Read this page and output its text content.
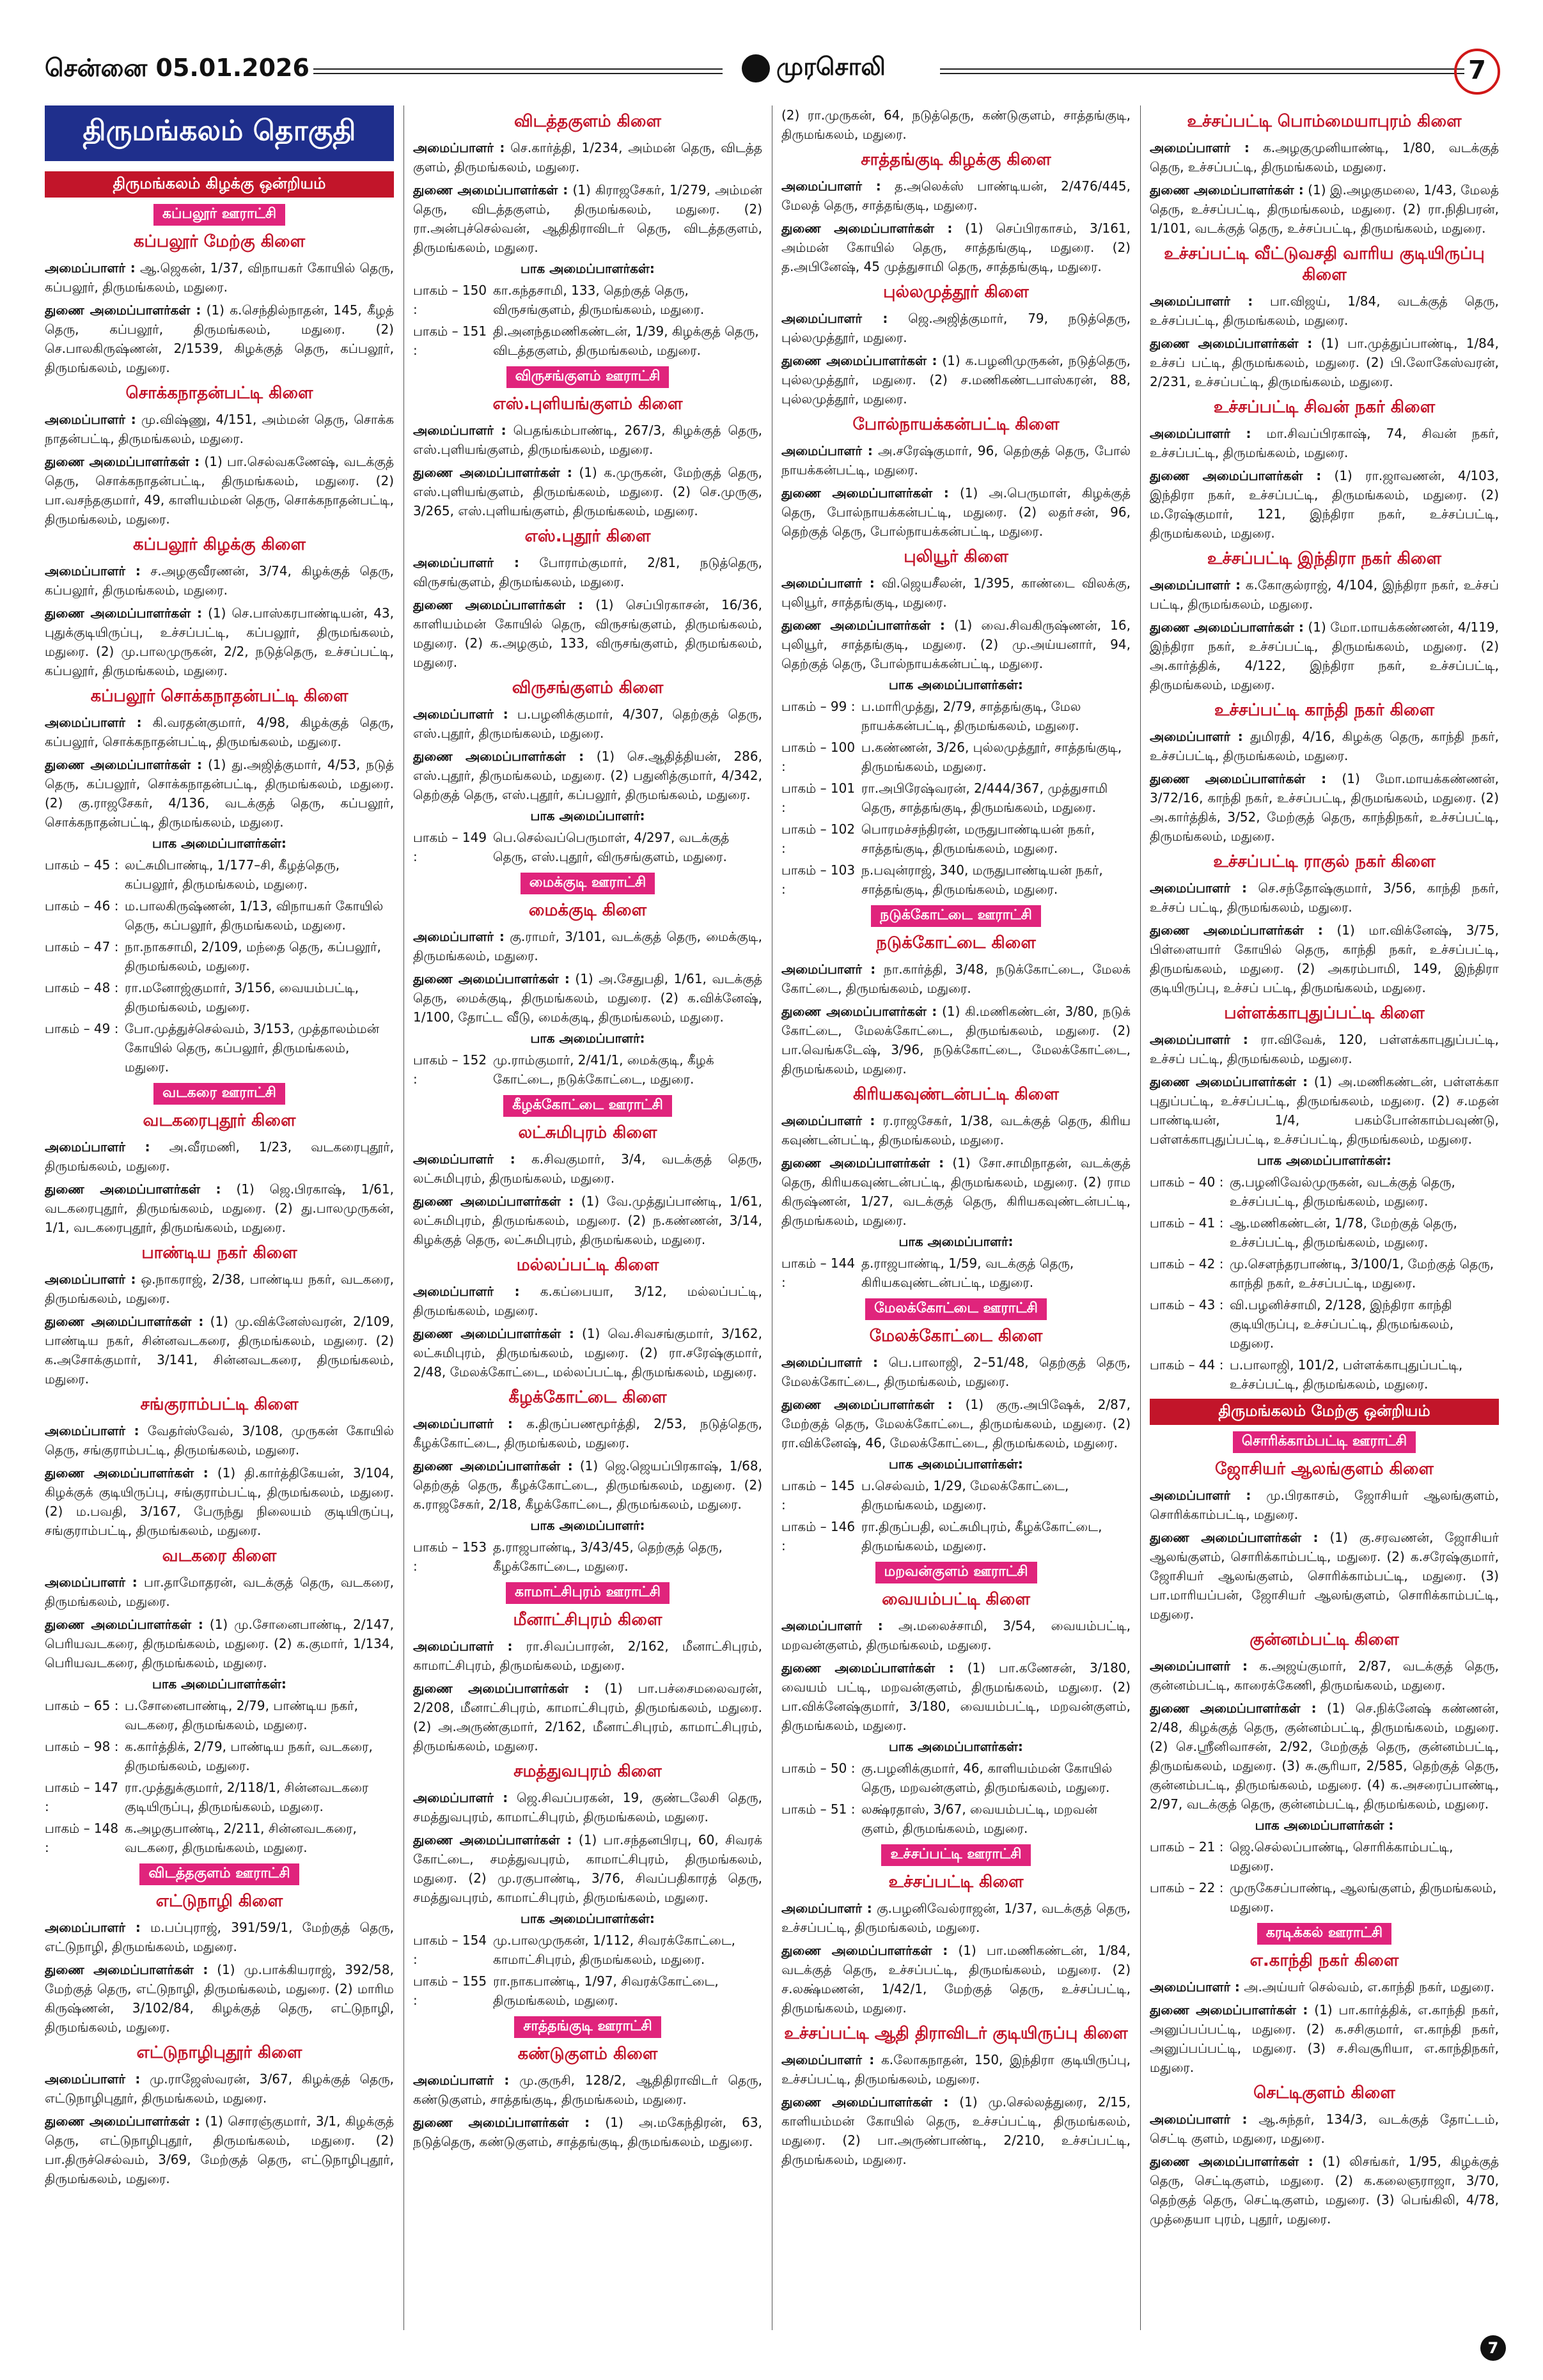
சென்னை 05.01.2026	முரசொலி	7
திருமங்கலம் தொகுதி
திருமங்கலம் கிழக்கு ஒன்றியம்
கப்பலூர் ஊராட்சி
கப்பலூர் மேற்கு கிளை
அமைப்பாளர் : ஆ.ஜெகன், 1/37, விநாயகர் கோயில் தெரு, கப்பலூர், திருமங்கலம், மதுரை.
துணை அமைப்பாளர்கள் : (1) க.செந்தில்நாதன், 145, கீழத் தெரு, கப்பலூர், திருமங்கலம், மதுரை. (2) செ.பாலகிருஷ்ணன், 2/1539, கிழக்குத் தெரு, கப்பலூர், திருமங்கலம், மதுரை.
சொக்கநாதன்பட்டி கிளை
அமைப்பாளர் : மு.விஷ்ணு, 4/151, அம்மன் தெரு, சொக்க நாதன்பட்டி, திருமங்கலம், மதுரை.
துணை அமைப்பாளர்கள் : (1) பா.செல்வகணேஷ், வடக்குத் தெரு, சொக்கநாதன்பட்டி, திருமங்கலம், மதுரை. (2) பா.வசந்தகுமார், 49, காளியம்மன் தெரு, சொக்கநாதன்பட்டி, திருமங்கலம், மதுரை.
கப்பலூர் கிழக்கு கிளை
அமைப்பாளர் : ச.அழகுவீரணன், 3/74, கிழக்குத் தெரு, கப்பலூர், திருமங்கலம், மதுரை.
துணை அமைப்பாளர்கள் : (1) செ.பாஸ்கரபாண்டியன், 43, புதுக்குடியிருப்பு, உச்சப்பட்டி, கப்பலூர், திருமங்கலம், மதுரை. (2) மு.பாலமுருகன், 2/2, நடுத்தெரு, உச்சப்பட்டி, கப்பலூர், திருமங்கலம், மதுரை.
கப்பலூர் சொக்கநாதன்பட்டி கிளை
அமைப்பாளர் : கி.வரதன்குமார், 4/98, கிழக்குத் தெரு, கப்பலூர், சொக்கநாதன்பட்டி, திருமங்கலம், மதுரை.
துணை அமைப்பாளர்கள் : (1) து.அஜித்குமார், 4/53, நடுத் தெரு, கப்பலூர், சொக்கநாதன்பட்டி, திருமங்கலம், மதுரை. (2) கு.ராஜசேகர், 4/136, வடக்குத் தெரு, கப்பலூர், சொக்கநாதன்பட்டி, திருமங்கலம், மதுரை.
பாக அமைப்பாளர்கள்:
பாகம் – 45 : லட்சுமிபாண்டி, 1/177–சி, கீழத்தெரு, கப்பலூர், திருமங்கலம், மதுரை.
பாகம் – 46 : ம.பாலகிருஷ்ணன், 1/13, விநாயகர் கோயில் தெரு, கப்பலூர், திருமங்கலம், மதுரை.
பாகம் – 47 : நா.நாகசாமி, 2/109, மந்தை தெரு, கப்பலூர், திருமங்கலம், மதுரை.
பாகம் – 48 : ரா.மனோஜ்குமார், 3/156, வையம்பட்டி, திருமங்கலம், மதுரை.
பாகம் – 49 : போ.முத்துச்செல்வம், 3/153, முத்தாலம்மன் கோயில் தெரு, கப்பலூர், திருமங்கலம், மதுரை.
வடகரை ஊராட்சி
வடகரைபுதூர் கிளை
அமைப்பாளர் : அ.வீரமணி, 1/23, வடகரைபுதூர், திருமங்கலம், மதுரை.
துணை அமைப்பாளர்கள் : (1) ஜெ.பிரகாஷ், 1/61, வடகரைபுதூர், திருமங்கலம், மதுரை. (2) து.பாலமுருகன், 1/1, வடகரைபுதூர், திருமங்கலம், மதுரை.
பாண்டிய நகர் கிளை
அமைப்பாளர் : ஒ.நாகராஜ், 2/38, பாண்டிய நகர், வடகரை, திருமங்கலம், மதுரை.
துணை அமைப்பாளர்கள் : (1) மு.விக்னேஸ்வரன், 2/109, பாண்டிய நகர், சின்னவடகரை, திருமங்கலம், மதுரை. (2) க.அசோக்குமார், 3/141, சின்னவடகரை, திருமங்கலம், மதுரை.
சங்குராம்பட்டி கிளை
அமைப்பாளர் : வேதர்ஸ்வேல், 3/108, முருகன் கோயில் தெரு, சங்குராம்பட்டி, திருமங்கலம், மதுரை.
துணை அமைப்பாளர்கள் : (1) தி.கார்த்திகேயன், 3/104, கிழக்குக் குடியிருப்பு, சங்குராம்பட்டி, திருமங்கலம், மதுரை. (2) ம.பவதி, 3/167, பேருந்து நிலையம் குடியிருப்பு, சங்குராம்பட்டி, திருமங்கலம், மதுரை.
வடகரை கிளை
அமைப்பாளர் : பா.தாமோதரன், வடக்குத் தெரு, வடகரை, திருமங்கலம், மதுரை.
துணை அமைப்பாளர்கள் : (1) மு.சோனைபாண்டி, 2/147, பெரியவடகரை, திருமங்கலம், மதுரை. (2) க.குமார், 1/134, பெரியவடகரை, திருமங்கலம், மதுரை.
பாக அமைப்பாளர்கள்:
பாகம் – 65 : ப.சோனைபாண்டி, 2/79, பாண்டிய நகர், வடகரை, திருமங்கலம், மதுரை.
பாகம் – 98 : க.கார்த்திக், 2/79, பாண்டிய நகர், வடகரை, திருமங்கலம், மதுரை.
பாகம் – 147 :
ரா.முத்துக்குமார், 2/118/1, சின்னவடகரை குடியிருப்பு, திருமங்கலம், மதுரை.
பாகம் – 148 :
க.அழகுபாண்டி, 2/211, சின்னவடகரை, வடகரை, திருமங்கலம், மதுரை.
விடத்தகுளம் ஊராட்சி
எட்டுநாழி கிளை
அமைப்பாளர் : ம.பப்புராஜ், 391/59/1, மேற்குத் தெரு, எட்டுநாழி, திருமங்கலம், மதுரை.
துணை அமைப்பாளர்கள் : (1) மு.பாக்கியராஜ், 392/58, மேற்குத் தெரு, எட்டுநாழி, திருமங்கலம், மதுரை. (2) மாரிம கிருஷ்ணன், 3/102/84, கிழக்குத் தெரு, எட்டுநாழி, திருமங்கலம், மதுரை.
எட்டுநாழிபுதூர் கிளை
அமைப்பாளர் : மு.ராஜேஸ்வரன், 3/67, கிழக்குத் தெரு, எட்டுநாழிபுதூர், திருமங்கலம், மதுரை.
துணை அமைப்பாளர்கள் : (1) சொரஞ்குமார், 3/1, கிழக்குத் தெரு, எட்டுநாழிபுதூர், திருமங்கலம், மதுரை. (2) பா.திருச்செல்வம், 3/69, மேற்குத் தெரு, எட்டுநாழிபுதூர், திருமங்கலம், மதுரை.
விடத்தகுளம் கிளை
அமைப்பாளர் : செ.கார்த்தி, 1/234, அம்மன் தெரு, விடத்த குளம், திருமங்கலம், மதுரை.
துணை அமைப்பாளர்கள் : (1) கிராஜசேகர், 1/279, அம்மன் தெரு, விடத்தகுளம், திருமங்கலம், மதுரை. (2) ரா.அன்புச்செல்வன், ஆதிதிராவிடர் தெரு, விடத்தகுளம், திருமங்கலம், மதுரை.
பாக அமைப்பாளர்கள்:
பாகம் – 150 :
கா.கந்தசாமி, 133, தெற்குத் தெரு, விருசங்குளம், திருமங்கலம், மதுரை.
பாகம் – 151 :
தி.அனந்தமணிகண்டன், 1/39, கிழக்குத் தெரு, விடத்தகுளம், திருமங்கலம், மதுரை.
விருசங்குளம் ஊராட்சி
எஸ்.புளியங்குளம் கிளை
அமைப்பாளர் : பெதங்கம்பாண்டி, 267/3, கிழக்குத் தெரு, எஸ்.புளியங்குளம், திருமங்கலம், மதுரை.
துணை அமைப்பாளர்கள் : (1) க.முருகன், மேற்குத் தெரு, எஸ்.புளியங்குளம், திருமங்கலம், மதுரை. (2) செ.முருகு, 3/265, எஸ்.புளியங்குளம், திருமங்கலம், மதுரை.
எஸ்.புதூர் கிளை
அமைப்பாளர் : போராம்குமார், 2/81, நடுத்தெரு, விருசங்குளம், திருமங்கலம், மதுரை.
துணை அமைப்பாளர்கள் : (1) செப்பிரகாசன், 16/36, காளியம்மன் கோயில் தெரு, விருசங்குளம், திருமங்கலம், மதுரை. (2) க.அழகும், 133, விருசங்குளம், திருமங்கலம், மதுரை.
விருசங்குளம் கிளை
அமைப்பாளர் : ப.பழனிக்குமார், 4/307, தெற்குத் தெரு, எஸ்.புதூர், திருமங்கலம், மதுரை.
துணை அமைப்பாளர்கள் : (1) செ.ஆதித்தியன், 286, எஸ்.புதூர், திருமங்கலம், மதுரை. (2) பதுனித்குமார், 4/342, தெற்குத் தெரு, எஸ்.புதூர், கப்பலூர், திருமங்கலம், மதுரை.
பாக அமைப்பாளர்:
பாகம் – 149 :
பெ.செல்வப்பெருமாள், 4/297, வடக்குத் தெரு, எஸ்.புதூர், விருசங்குளம், மதுரை.
மைக்குடி ஊராட்சி
மைக்குடி கிளை
அமைப்பாளர் : கு.ராமர், 3/101, வடக்குத் தெரு, மைக்குடி, திருமங்கலம், மதுரை.
துணை அமைப்பாளர்கள் : (1) அ.சேதுபதி, 1/61, வடக்குத் தெரு, மைக்குடி, திருமங்கலம், மதுரை. (2) க.விக்னேஷ், 1/100, தோட்ட வீடு, மைக்குடி, திருமங்கலம், மதுரை.
பாக அமைப்பாளர்:
பாகம் – 152 :
மு.ராம்குமார், 2/41/1, மைக்குடி, கீழக் கோட்டை, நடுக்கோட்டை, மதுரை.
கீழக்கோட்டை ஊராட்சி
லட்சுமிபுரம் கிளை
அமைப்பாளர் : க.சிவகுமார், 3/4, வடக்குத் தெரு, லட்சுமிபுரம், திருமங்கலம், மதுரை.
துணை அமைப்பாளர்கள் : (1) வே.முத்துப்பாண்டி, 1/61, லட்சுமிபுரம், திருமங்கலம், மதுரை. (2) ந.கண்ணன், 3/14, கிழக்குத் தெரு, லட்சுமிபுரம், திருமங்கலம், மதுரை.
மல்லப்பட்டி கிளை
அமைப்பாளர் : க.கப்பையா, 3/12, மல்லப்பட்டி, திருமங்கலம், மதுரை.
துணை அமைப்பாளர்கள் : (1) வெ.சிவசங்குமார், 3/162, லட்சுமிபுரம், திருமங்கலம், மதுரை. (2) ரா.சரேஷ்குமார், 2/48, மேலக்கோட்டை, மல்லப்பட்டி, திருமங்கலம், மதுரை.
கீழக்கோட்டை கிளை
அமைப்பாளர் : க.திருப்பணமூர்த்தி, 2/53, நடுத்தெரு, கீழக்கோட்டை, திருமங்கலம், மதுரை.
துணை அமைப்பாளர்கள் : (1) ஜெ.ஜெயப்பிரகாஷ், 1/68, தெற்குத் தெரு, கீழக்கோட்டை, திருமங்கலம், மதுரை. (2) க.ராஜசேகர், 2/18, கீழக்கோட்டை, திருமங்கலம், மதுரை.
பாக அமைப்பாளர்:
பாகம் – 153 :
த.ராஜபாண்டி, 3/43/45, தெற்குத் தெரு, கீழக்கோட்டை, மதுரை.
காமாட்சிபுரம் ஊராட்சி
மீனாட்சிபுரம் கிளை
அமைப்பாளர் : ரா.சிவப்பாரன், 2/162, மீனாட்சிபுரம், காமாட்சிபுரம், திருமங்கலம், மதுரை.
துணை அமைப்பாளர்கள் : (1) பா.பச்சைமலைவரன், 2/208, மீனாட்சிபுரம், காமாட்சிபுரம், திருமங்கலம், மதுரை. (2) அ.அருண்குமார், 2/162, மீனாட்சிபுரம், காமாட்சிபுரம், திருமங்கலம், மதுரை.
சமத்துவபுரம் கிளை
அமைப்பாளர் : ஜெ.சிவப்பரகன், 19, குண்டலேசி தெரு, சமத்துவபுரம், காமாட்சிபுரம், திருமங்கலம், மதுரை.
துணை அமைப்பாளர்கள் : (1) பா.சந்தனபிரபு, 60, சிவரக் கோட்டை, சமத்துவபுரம், காமாட்சிபுரம், திருமங்கலம், மதுரை. (2) மு.ரகுபாண்டி, 3/76, சிவப்பதிகாரத் தெரு, சமத்துவபுரம், காமாட்சிபுரம், திருமங்கலம், மதுரை.
பாக அமைப்பாளர்கள்:
பாகம் – 154 :
மு.பாலமுருகன், 1/112, சிவரக்கோட்டை, காமாட்சிபுரம், திருமங்கலம், மதுரை.
பாகம் – 155 :
ரா.நாகபாண்டி, 1/97, சிவரக்கோட்டை, திருமங்கலம், மதுரை.
சாத்தங்குடி ஊராட்சி
கண்டுகுளம் கிளை
அமைப்பாளர் : மு.குருசி, 128/2, ஆதிதிராவிடர் தெரு, கண்டுகுளம், சாத்தங்குடி, திருமங்கலம், மதுரை.
துணை அமைப்பாளர்கள் : (1) அ.மகேந்திரன், 63, நடுத்தெரு, கண்டுகுளம், சாத்தங்குடி, திருமங்கலம், மதுரை.
(2) ரா.முருகன், 64, நடுத்தெரு, கண்டுகுளம், சாத்தங்குடி, திருமங்கலம், மதுரை.
சாத்தங்குடி கிழக்கு கிளை
அமைப்பாளர் : த.அலெக்ஸ் பாண்டியன், 2/476/445, மேலத் தெரு, சாத்தங்குடி, மதுரை.
துணை அமைப்பாளர்கள் : (1) செப்பிரகாசம், 3/161, அம்மன் கோயில் தெரு, சாத்தங்குடி, மதுரை. (2) த.அபினேஷ், 45 முத்துசாமி தெரு, சாத்தங்குடி, மதுரை.
புல்லமுத்தூர் கிளை
அமைப்பாளர் : ஜெ.அஜித்குமார், 79, நடுத்தெரு, புல்லமுத்தூர், மதுரை.
துணை அமைப்பாளர்கள் : (1) க.பழனிமுருகன், நடுத்தெரு, புல்லமுத்தூர், மதுரை. (2) ச.மணிகண்டபாஸ்கரன், 88, புல்லமுத்தூர், மதுரை.
போல்நாயக்கன்பட்டி கிளை
அமைப்பாளர் : அ.சரேஷ்குமார், 96, தெற்குத் தெரு, போல் நாயக்கன்பட்டி, மதுரை.
துணை அமைப்பாளர்கள் : (1) அ.பெருமாள், கிழக்குத் தெரு, போல்நாயக்கன்பட்டி, மதுரை. (2) லதா்சன், 96, தெற்குத் தெரு, போல்நாயக்கன்பட்டி, மதுரை.
புலியூர் கிளை
அமைப்பாளர் : வி.ஜெயசீலன், 1/395, காண்டை விலக்கு, புலியூர், சாத்தங்குடி, மதுரை.
துணை அமைப்பாளர்கள் : (1) வை.சிவகிருஷ்ணன், 16, புலியூர், சாத்தங்குடி, மதுரை. (2) மு.அய்யனார், 94, தெற்குத் தெரு, போல்நாயக்கன்பட்டி, மதுரை.
பாக அமைப்பாளர்கள்:
பாகம் – 99 : ப.மாரிமுத்து, 2/79, சாத்தங்குடி, மேல நாயக்கன்பட்டி, திருமங்கலம், மதுரை.
பாகம் – 100 :
ப.கண்ணன், 3/26, புல்லமுத்தூர், சாத்தங்குடி, திருமங்கலம், மதுரை.
பாகம் – 101 :
ரா.அபிரேஷ்வரன், 2/444/367, முத்துசாமி தெரு, சாத்தங்குடி, திருமங்கலம், மதுரை.
பாகம் – 102 :
பொரமச்சந்திரன், மருதுபாண்டியன் நகர், சாத்தங்குடி, திருமங்கலம், மதுரை.
பாகம் – 103 :
ந.பவுன்ராஜ், 340, மருதுபாண்டியன் நகர், சாத்தங்குடி, திருமங்கலம், மதுரை.
நடுக்கோட்டை ஊராட்சி
நடுக்கோட்டை கிளை
அமைப்பாளர் : நா.கார்த்தி, 3/48, நடுக்கோட்டை, மேலக் கோட்டை, திருமங்கலம், மதுரை.
துணை அமைப்பாளர்கள் : (1) கி.மணிகண்டன், 3/80, நடுக் கோட்டை, மேலக்கோட்டை, திருமங்கலம், மதுரை. (2) பா.வெங்கடேஷ், 3/96, நடுக்கோட்டை, மேலக்கோட்டை, திருமங்கலம், மதுரை.
கிரியகவுண்டன்பட்டி கிளை
அமைப்பாளர் : ர.ராஜசேகர், 1/38, வடக்குத் தெரு, கிரிய கவுண்டன்பட்டி, திருமங்கலம், மதுரை.
துணை அமைப்பாளர்கள் : (1) சோ.சாமிநாதன், வடக்குத் தெரு, கிரியகவுண்டன்பட்டி, திருமங்கலம், மதுரை. (2) ராம கிருஷ்ணன், 1/27, வடக்குத் தெரு, கிரியகவுண்டன்பட்டி, திருமங்கலம், மதுரை.
பாக அமைப்பாளர்:
பாகம் – 144 :
த.ராஜபாண்டி, 1/59, வடக்குத் தெரு, கிரியகவுண்டன்பட்டி, மதுரை.
மேலக்கோட்டை ஊராட்சி
மேலக்கோட்டை கிளை
அமைப்பாளர் : பெ.பாலாஜி, 2–51/48, தெற்குத் தெரு, மேலக்கோட்டை, திருமங்கலம், மதுரை.
துணை அமைப்பாளர்கள் : (1) குரு.அபிஷேக், 2/87, மேற்குத் தெரு, மேலக்கோட்டை, திருமங்கலம், மதுரை. (2) ரா.விக்னேஷ், 46, மேலக்கோட்டை, திருமங்கலம், மதுரை.
பாக அமைப்பாளர்கள்:
பாகம் – 145 :
ப.செல்வம், 1/29, மேலக்கோட்டை, திருமங்கலம், மதுரை.
பாகம் – 146 :
ரா.திருப்பதி, லட்சுமிபுரம், கீழக்கோட்டை, திருமங்கலம், மதுரை.
மறவன்குளம் ஊராட்சி
வையம்பட்டி கிளை
அமைப்பாளர் : அ.மலைச்சாமி, 3/54, வையம்பட்டி, மறவன்குளம், திருமங்கலம், மதுரை.
துணை அமைப்பாளர்கள் : (1) பா.கணேசன், 3/180, வையம் பட்டி, மறவன்குளம், திருமங்கலம், மதுரை. (2) பா.விக்னேஷ்குமார், 3/180, வையம்பட்டி, மறவன்குளம், திருமங்கலம், மதுரை.
பாக அமைப்பாளர்கள்:
பாகம் – 50 : கு.பழனிக்குமார், 46, காளியம்மன் கோயில் தெரு, மறவன்குளம், திருமங்கலம், மதுரை.
பாகம் – 51 : லக்ஷ்ரதாஸ், 3/67, வையம்பட்டி, மறவன் குளம், திருமங்கலம், மதுரை.
உச்சப்பட்டி ஊராட்சி
உச்சப்பட்டி கிளை
அமைப்பாளர் : கு.பழனிவேல்ராஜன், 1/37, வடக்குத் தெரு, உச்சப்பட்டி, திருமங்கலம், மதுரை.
துணை அமைப்பாளர்கள் : (1) பா.மணிகண்டன், 1/84, வடக்குத் தெரு, உச்சப்பட்டி, திருமங்கலம், மதுரை. (2) ச.லக்ஷ்மணன், 1/42/1, மேற்குத் தெரு, உச்சப்பட்டி, திருமங்கலம், மதுரை.
உச்சப்பட்டி ஆதி திராவிடர் குடியிருப்பு கிளை
அமைப்பாளர் : க.லோகநாதன், 150, இந்திரா குடியிருப்பு, உச்சப்பட்டி, திருமங்கலம், மதுரை.
துணை அமைப்பாளர்கள் : (1) மு.செல்லத்துரை, 2/15, காளியம்மன் கோயில் தெரு, உச்சப்பட்டி, திருமங்கலம், மதுரை. (2) பா.அருண்பாண்டி, 2/210, உச்சப்பட்டி, திருமங்கலம், மதுரை.
உச்சப்பட்டி பொம்மையாபுரம் கிளை
அமைப்பாளர் : க.அழகுமுனியாண்டி, 1/80, வடக்குத் தெரு, உச்சப்பட்டி, திருமங்கலம், மதுரை.
துணை அமைப்பாளர்கள் : (1) இ.அழகுமலை, 1/43, மேலத் தெரு, உச்சப்பட்டி, திருமங்கலம், மதுரை. (2) ரா.நிதிபரன், 1/101, வடக்குத் தெரு, உச்சப்பட்டி, திருமங்கலம், மதுரை.
உச்சப்பட்டி வீட்டுவசதி வாரிய குடியிருப்பு கிளை
அமைப்பாளர் : பா.விஜய், 1/84, வடக்குத் தெரு, உச்சப்பட்டி, திருமங்கலம், மதுரை.
துணை அமைப்பாளர்கள் : (1) பா.முத்துப்பாண்டி, 1/84, உச்சப் பட்டி, திருமங்கலம், மதுரை. (2) பி.லோகேஸ்வரன், 2/231, உச்சப்பட்டி, திருமங்கலம், மதுரை.
உச்சப்பட்டி சிவன் நகர் கிளை
அமைப்பாளர் : மா.சிவப்பிரகாஷ், 74, சிவன் நகர், உச்சப்பட்டி, திருமங்கலம், மதுரை.
துணை அமைப்பாளர்கள் : (1) ரா.ஜாவணன், 4/103, இந்திரா நகர், உச்சப்பட்டி, திருமங்கலம், மதுரை. (2) ம.ரேஷ்குமார், 121, இந்திரா நகர், உச்சப்பட்டி, திருமங்கலம், மதுரை.
உச்சப்பட்டி இந்திரா நகர் கிளை
அமைப்பாளர் : க.கோகுல்ராஜ், 4/104, இந்திரா நகர், உச்சப் பட்டி, திருமங்கலம், மதுரை.
துணை அமைப்பாளர்கள் : (1) மோ.மாயக்கண்ணன், 4/119, இந்திரா நகர், உச்சப்பட்டி, திருமங்கலம், மதுரை. (2) அ.கார்த்திக், 4/122, இந்திரா நகர், உச்சப்பட்டி, திருமங்கலம், மதுரை.
உச்சப்பட்டி காந்தி நகர் கிளை
அமைப்பாளர் : துமிரதி, 4/16, கிழக்கு தெரு, காந்தி நகர், உச்சப்பட்டி, திருமங்கலம், மதுரை.
துணை அமைப்பாளர்கள் : (1) மோ.மாயக்கண்ணன், 3/72/16, காந்தி நகர், உச்சப்பட்டி, திருமங்கலம், மதுரை. (2) அ.கார்த்திக், 3/52, மேற்குத் தெரு, காந்திநகர், உச்சப்பட்டி, திருமங்கலம், மதுரை.
உச்சப்பட்டி ராகுல் நகர் கிளை
அமைப்பாளர் : செ.சந்தோஷ்குமார், 3/56, காந்தி நகர், உச்சப் பட்டி, திருமங்கலம், மதுரை.
துணை அமைப்பாளர்கள் : (1) மா.விக்னேஷ், 3/75, பிள்ளையார் கோயில் தெரு, காந்தி நகர், உச்சப்பட்டி, திருமங்கலம், மதுரை. (2) அகரம்பாமி, 149, இந்திரா குடியிருப்பு, உச்சப் பட்டி, திருமங்கலம், மதுரை.
பள்ளக்காபுதுப்பட்டி கிளை
அமைப்பாளர் : ரா.விவேக், 120, பள்ளக்காபுதுப்பட்டி, உச்சப் பட்டி, திருமங்கலம், மதுரை.
துணை அமைப்பாளர்கள் : (1) அ.மணிகண்டன், பள்ளக்கா புதுப்பட்டி, உச்சப்பட்டி, திருமங்கலம், மதுரை. (2) ச.மதன் பாண்டியன், 1/4, பகம்போன்காம்பவுண்டு, பள்ளக்காபுதுப்பட்டி, உச்சப்பட்டி, திருமங்கலம், மதுரை.
பாக அமைப்பாளர்கள்:
பாகம் – 40 : கு.பழனிவேல்முருகன், வடக்குத் தெரு, உச்சப்பட்டி, திருமங்கலம், மதுரை.
பாகம் – 41 : ஆ.மணிகண்டன், 1/78, மேற்குத் தெரு, உச்சப்பட்டி, திருமங்கலம், மதுரை.
பாகம் – 42 : மு.செளந்தரபாண்டி, 3/100/1, மேற்குத் தெரு, காந்தி நகர், உச்சப்பட்டி, மதுரை.
பாகம் – 43 : வி.பழனிச்சாமி, 2/128, இந்திரா காந்தி குடியிருப்பு, உச்சப்பட்டி, திருமங்கலம், மதுரை.
பாகம் – 44 : ப.பாலாஜி, 101/2, பள்ளக்காபுதுப்பட்டி, உச்சப்பட்டி, திருமங்கலம், மதுரை.
திருமங்கலம் மேற்கு ஒன்றியம்
சொரிக்காம்பட்டி ஊராட்சி
ஜோசியர் ஆலங்குளம் கிளை
அமைப்பாளர் : மு.பிரகாசம், ஜோசியர் ஆலங்குளம், சொரிக்காம்பட்டி, மதுரை.
துணை அமைப்பாளர்கள் : (1) கு.சரவணன், ஜோசியர் ஆலங்குளம், சொரிக்காம்பட்டி, மதுரை. (2) க.சரேஷ்குமார், ஜோசியர் ஆலங்குளம், சொரிக்காம்பட்டி, மதுரை. (3) பா.மாரியப்பன், ஜோசியர் ஆலங்குளம், சொரிக்காம்பட்டி, மதுரை.
குன்னம்பட்டி கிளை
அமைப்பாளர் : க.அஜய்குமார், 2/87, வடக்குத் தெரு, குன்னம்பட்டி, காரைக்கேணி, திருமங்கலம், மதுரை.
துணை அமைப்பாளர்கள் : (1) செ.நிக்னேஷ் கண்ணன், 2/48, கிழக்குத் தெரு, குன்னம்பட்டி, திருமங்கலம், மதுரை. (2) செ.ஸ்ரீனிவாசன், 2/92, மேற்குத் தெரு, குன்னம்பட்டி, திருமங்கலம், மதுரை. (3) சு.சூரியா, 2/585, தெற்குத் தெரு, குன்னம்பட்டி, திருமங்கலம், மதுரை. (4) க.அசரைப்பாண்டி, 2/97, வடக்குத் தெரு, குன்னம்பட்டி, திருமங்கலம், மதுரை.
பாக அமைப்பாளர்கள் :
பாகம் – 21 : ஜெ.செல்லப்பாண்டி, சொரிக்காம்பட்டி, மதுரை.
பாகம் – 22 : முருகேசப்பாண்டி, ஆலங்குளம், திருமங்கலம், மதுரை.
கரடிக்கல் ஊராட்சி
எ.காந்தி நகர் கிளை
அமைப்பாளர் : அ.அய்யர் செல்வம், எ.காந்தி நகர், மதுரை.
துணை அமைப்பாளர்கள் : (1) பா.கார்த்திக், எ.காந்தி நகர், அனுப்பப்பட்டி, மதுரை. (2) க.சசிகுமார், எ.காந்தி நகர், அனுப்பப்பட்டி, மதுரை. (3) ச.சிவசூரியா, எ.காந்திநகர், மதுரை.
செட்டிகுளம் கிளை
அமைப்பாளர் : ஆ.சுந்தர், 134/3, வடக்குத் தோட்டம், செட்டி குளம், மதுரை, மதுரை.
துணை அமைப்பாளர்கள் : (1) லிசங்கர், 1/95, கிழக்குத் தெரு, செட்டிகுளம், மதுரை. (2) க.கலைஞராஜா, 3/70, தெற்குத் தெரு, செட்டிகுளம், மதுரை. (3) பெங்கிலி, 4/78, முத்தையா புரம், புதூர், மதுரை.
7
